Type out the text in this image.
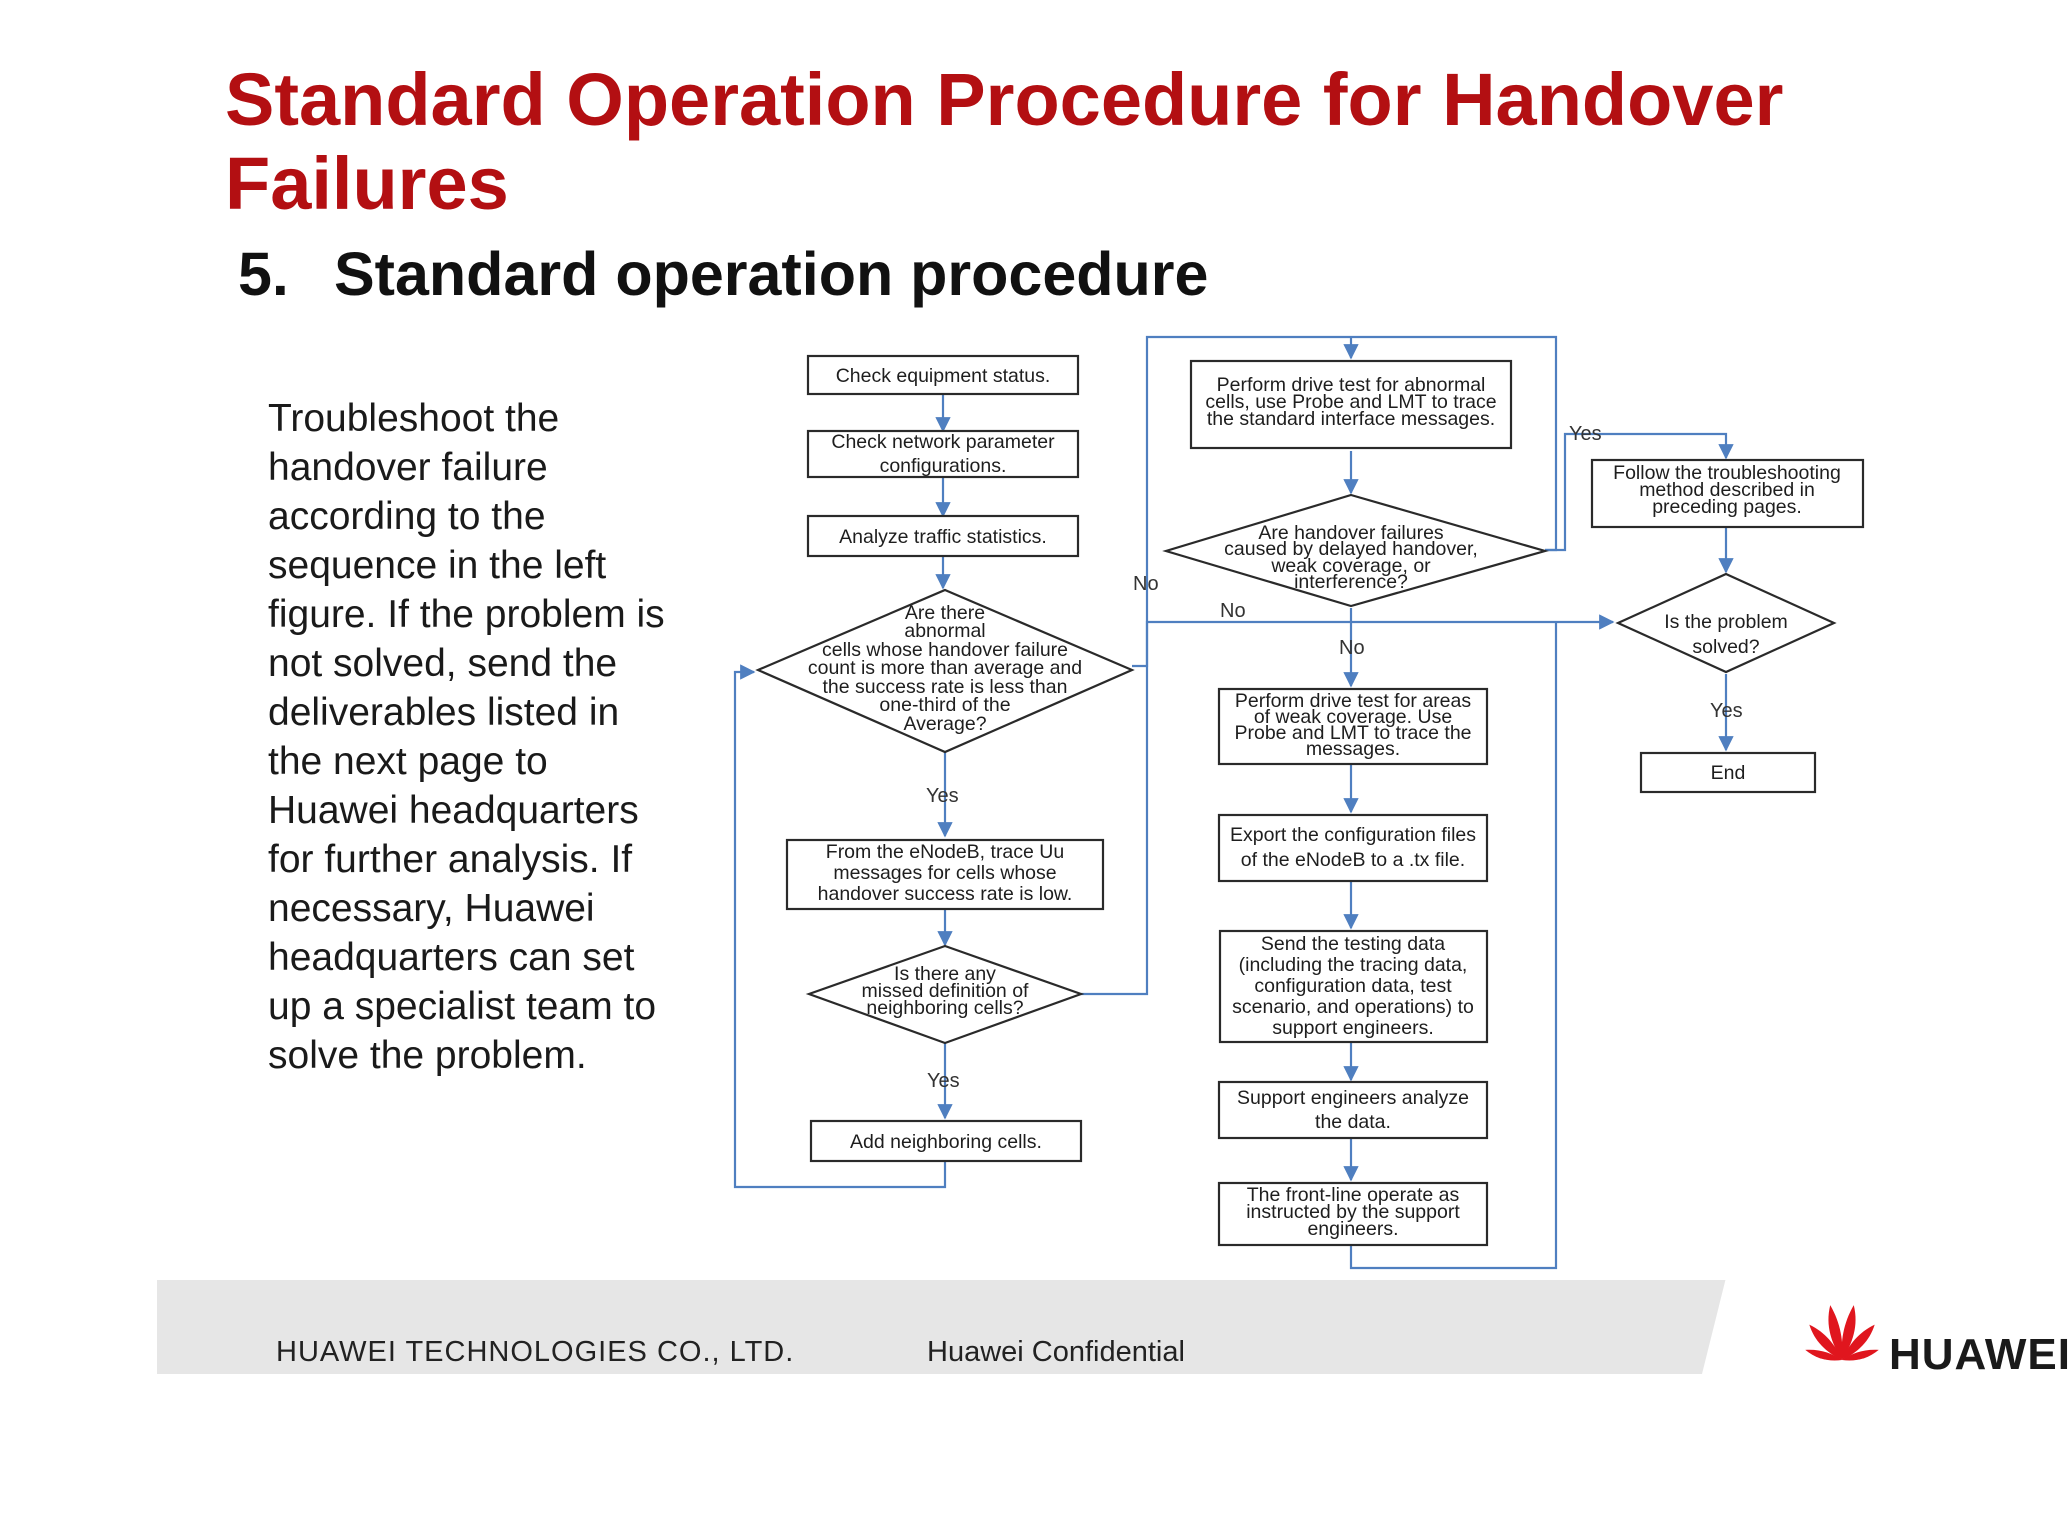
Standard Operation Procedure for Handover Failures
5. Standard operation procedure
Troubleshoot the handover failure according to the sequence in the left figure. If the problem is not solved, send the deliverables listed in the next page to Huawei headquarters for further analysis. If necessary, Huawei headquarters can set up a specialist team to solve the problem.
Check equipment status.
Check network parameter configurations.
Analyze traffic statistics.
Are there abnormal cells whose handover failure count is more than average and the success rate is less than one-third of the Average?
From the eNodeB, trace Uu messages for cells whose handover success rate is low.
Is there any missed definition of neighboring cells?
Add neighboring cells.
Perform drive test for abnormal cells, use Probe and LMT to trace the standard interface messages.
Are handover failures caused by delayed handover, weak coverage, or interference?
Perform drive test for areas of weak coverage. Use Probe and LMT to trace the messages.
Export the configuration files of the eNodeB to a .tx file.
Send the testing data (including the tracing data, configuration data, test scenario, and operations) to support engineers.
Support engineers analyze the data.
The front-line operate as instructed by the support engineers.
Follow the troubleshooting method described in preceding pages.
Is the problem solved?
End
Yes
No
Yes
No
Yes
No
Yes
HUAWEI TECHNOLOGIES CO., LTD.	Huawei Confidential	HUAWEI
